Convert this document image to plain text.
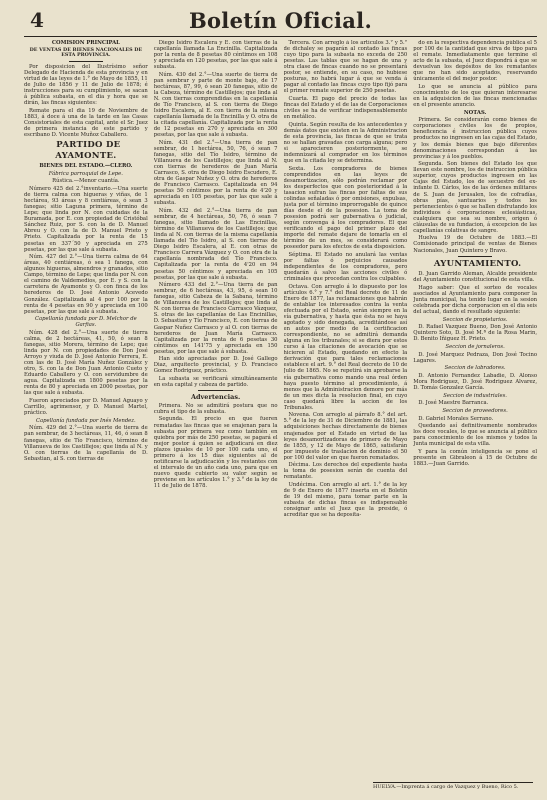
4	Boletín Oficial.

COMISION PRINCIPAL

DE VENTAS DE BIENES NACIONALES DE ESTA PROVINCIA.

Por disposicion del Ilustrísimo señor Delegado de Hacienda de esta provincia y en virtud de las leyes de 1.° de Mayo de 1855, 11 de Julio de 1856 y 11 de Julio de 1878; é instrucciones para su cumplimiento, se sacan á pública subasta, en el dia y hora que se dirán, las fincas siguientes:

Remate para el dia 19 de Noviembre de 1883, á doce á una de la tarde en las Casas Consistoriales de esta capital, ante el Sr. Juez de primera instancia de este partido y escribano D. Vicente Muñoz Caballero.

PARTIDO DE AYAMONTE.

BIENES DEL ESTADO.—CLERO.

Fábrica parroquial de Lepe.

Rústica.—Menor cuantía.

Número 425 del 2.°inventario.—Una suerte de tierra calma con higueras y viñas, de 1 hectárea, 93 áreas y 8 centiáreas, ó sean 3 fanegas; sitio Laguna primera, término de Lepe; que linda por N. con cuidadas de la Buramada, por E. con propiedad de Cristóbal Sánchez Ruiz, por S. con la de D. Manuel Abreu y O. con la de D. Manuel Prieto y Prieto. Capitalizada por la renta de 15 pesetas en 337´50 y apreciada en 275 pesetas, por las que sale á subasta.

Núm. 427 del 2.°—Una tierra calma de 64 áreas, 40 centiáreas, ó sea 1 fanega, con algunos higueras, almendros y granados, sitio Campo, término de Lepe; que linda por N. con el camino de Valdemedios, por E. y S. con la carretera de Ayamonte y O. con finca de los herederos de D. José Antonio Acevedo González. Capitalizada al 4 por 100 por la renta de 4 pesetas en 90 y apreciada en 100 pesetas, por las que sale á subasta.

Capellanía fundada por D. Melchor de Garfias.

Núm. 428 del 2.°—Una suerte de tierra calma, de 2 hectáreas, 41, 50, ó sean 8 fanegas, sitio Morera, término de Lepe; que linda por N. con propiedades de Don José Arroyo y viuda de D. José Antonio Ferrera, E. con las de D. José María Nuñez González y otro, S. con la de Don Juan Antonio Cueto y Eduardo Caballero y O. con servidumbre de agua. Capitalizada en 1800 pesetas por la renta de 80 y apreciada en 2000 pesetas, por las que sale á subasta.

Fueron apreciados por D. Manuel Aguayo y Carrillo, agrimensor, y D. Manuel Martel, práctico.

Capellanía fundada por Inés Mendez.

Núm. 429 del 2.°—Una suerte de tierra de pan sembrar, de 3 hectáreas, 11, 46, ó sean 8 fanegas, sitio de Tío Francisco, término de Villanueva de los Castillejos; que linda al N. y O. con tierras de la capellanía de D. Sebastian, al S. con tierras de

Diego Isidro Escalera y E. con tierras de la capellanía llamada La Encinilla. Capitalizada por la renta de 8 pesetas 80 céntimos en 108 y apreciada en 120 pesetas, por las que sale á subasta.

Núm. 430 del 2.°—Una suerte de tierra de pan sembrar y parte de monte bajo, de 17 hectáreas, 87, 99, ó sean 20 fanegas, sitio de la Cabeza, término de Castillejos; que linda al N. con tierras comprendidas en la capellanía de Tío Francisco, al S. con tierra de Diego Isidro Escalera, al E. con tierra de la misma capellanía llamada de la Encinilla y O. otra de la citada capellanía. Capitalizada por la renta de 12 pesetas en 270 y apreciada en 300 pesetas, por las que sale á subasta.

Núm. 431 del 2.°—Una tierra de pan sembrar, de 1 hectárea, 50, 76, ó sean 7 fanegas, sitio del Tío Isidro, término de Villanueva de los Castillejos; que linda al N. con tierras de herederos de Juan María Carrasco, S. otra de Diego Isidro Escudero, E. otra de Gaspar Nuñez y O. otra de herederos de Francisco Carrasco. Capitalizada en 94 pesetas 50 céntimos por la renta de 4'20 y apreciada en 105 pesetas, por las que sale á subasta.

Núm. 432 del 2.°—Una tierra de pan sembrar, de 4 hectáreas, 50, 76, ó sean 7 fanegas, sitio llamado de Las Encinillas, término de Villanueva de los Castillejos; que linda al N. con tierras de la misma capellanía llamada del Tío Isidro, al S. con tierras de Diego Isidro Escalera, al E. con otras de Francisco Carrera Vázquez y O. con otra de la capellanía nombrada del Tío Francisco. Capitalizada por la renta de 4'20 en 94 pesetas 50 céntimos y apreciada en 105 pesetas, por las que sale á subasta.

Número 433 del 2.°—Una tierra de pan sembrar, de 6 hectáreas, 43, 95, ó sean 10 fanegas, sitio Cabeza de la Sabana, término de Villanueva de los Castillejos; que linda al N. con tierras de Francisco Carrasco Vázquez, S. otras de las capellanías de Las Encinillas, D. Sebastian y Tío Francisco, E. con tierras de Gaspar Nuñez Carrasco y al O. con tierras de herederos de Juan María Carrasco. Capitalizada por la renta de 6 pesetas 30 céntimos en 141'75 y apreciada en 150 pesetas, por las que sale á subasta.

Han sido apreciadas por D. José Gallego Diaz, arquitecto provincial, y D. Francisco Gomez Rodriguez, práctico.

La subasta se verificará simultáneamente en esta capital y cabeza de partido.

Advertencias.

Primera. No se admitirá postura que no cubra el tipo de la subasta.

Segunda. El precio en que fueren rematadas las fincas que se enajenan para la subasta por primera vez como también en quiebra por más de 250 pesetas, se pagará el mejor postor á quien se adjudicará en diez plazos iguales de 10 por 100 cada uno, el primero á los 15 días siguientes al de notificarse la adjudicación y los restantes con el intervalo de un año cada uno, para que en nuevo quede cubierto su valor según se previene en los artículos 1.° y 3.° de la ley de 11 de Julio de 1878.

Tercera. Con arreglo á los artículos 3.° y 5.° de dichaley se pagarán al contado las fincas cuyo tipo para la subasta no exceda de 250 pesetas. Las tablas que se hagan de una y otra clase de fincas cuando no se presentará postor, se entiende, en su caso, no hubiese posturas, no habrá lugar á que se venda á pagar al contado las fincas cuyo tipo fijó para el primer remate superior de 250 pesetas.

Cuarta. El pago del precio de todas las fincas del Estado y el de las de Corporaciones civiles se ha de verificar indispensablemente en metálico.

Quinta. Según resulta de los antecedentes y demás datos que existen en la Administracion de esta provincia, las fincas de que se trata no se hallan gravadas con carga alguna; pero si aparecieren posteriormente, se indemnizará al comprador en los términos que en la citada ley se determina.

Sexta. Los compradores de bienes comprendidos en las leyes de desamortizacion, sólo podrán reclamar por los desperfectos que con posterioridad á la tasacion sufran las fincas por faltas de sus colindas señaladas ó por omisiones, expulsas, justa por el término improrrogable de quince días desde el de la posesion. La toma de posesion podrá ser gubernativa ó judicial, según convenga á los compradores. El que verificando el pago del primer plazo del importe del remate dejare de tomarla en el término de un mes, se considerará como poseedor para los efectos de esta disposicion.

Séptima. El Estado no anulará las ventas por faltas ó perjuicios causados independientes de los compradores, pero quedarán á salvo las acciones civiles ó criminales que procedan contra los culpables.

Octava. Con arreglo á lo dispuesto por los artículos 6.° y 7.° del Real decreto de 11 de Enero de 1877, las reclamaciones que habrán de entablar los interesados contra la venta efectuada por el Estado, serán siempre en la vía gubernativa, y hasta que ésta no se haya agotado y sido denegada, acreditándose así en autos por medio de la certificacion correspondiente, no se admitirá demanda alguna en los tribunales; si se diera por estos curso á las citaciones de avocación que se hicieren al Estado, quedando en efecto la derivación que para tales reclamaciones establece el art. 9.° del Real decreto de 10 de Julio de 1865. No se repetirá sin aprobarse la vía gubernativa como mando una real órden haya puesto término al procedimiento, á menos que la Administracion demore por más de un mes dicta la resolucion final, en cuyo caso quedará libre la accion de los Tribunales.

Novena. Con arreglo al párrafo 8.° del art. 5.° de la ley de 31 de Diciembre de 1881, las adquisiciones hechas directamente de bienes enajenados por el Estado en virtud de las leyes desamortizadoras de primero de Mayo de 1855, y 12 de Mayo de 1865, satisfarán por impuesto de traslacion de dominio el 50 por 100 del valor en que fueron rematados.

Décima. Los derechos del expediente hasta la toma de posesion serán de cuenta del rematante.

Undécima. Con arreglo al art. 1.° de la ley de 9 de Enero de 1877 inserta en el Boletín de 19 del mismo, para tomar parte en la subasta de dichas fincas es indispensable consignar ante el Juez que la preside, ó acreditar que se ha deposita-

do en la respectiva dependencia pública el 5 por 100 de la cantidad que sirva de tipo para el remate. Inmediatamente que termine el acto de la subasta, el Juez dispondrá á que se devuelvan los depósitos de los rematantes que no han sido aceptados, reservando únicamente el del mejor postor.

Lo que se anuncia al público para conocimiento de los que quieran interesarse en la adquisicion de las fincas mencionadas en el presente anuncio.

NOTAS.

Primera. Se considerarán como bienes de corporaciones civiles los de propios, beneficencia é instruccion pública cuyos productos no ingresen en las cajas del Estado, y los demás bienes que bajo diferentes denominaciones correspondan á las provincias y á los pueblos.

Segunda. Son bienes del Estado los que llevan este nombre, los de instruccion pública superior, cuyos productos ingresen en las Cajas del Estado, los de secuestro del ex-infante D. Cárlos, los de las órdenes militares de S. Juan de Jerusalen, los de cofradías, obras pías, santuarios y todos los pertenecientes ó que se hallen disfrutando los individuos ó corporaciones eclesiásticas, cualquiera que sea su nombre, origen ó cláusulas de su fundacion, á excepcion de las capellanías colativas de sangre.

Huelva 19 de Octubre de 1883.—El Comisionado principal de ventas de Bienes Nacionales, Juan Quintero y Bravo.

AYUNTAMIENTO.

D. Juan Garrido Aleman, Alcalde presidente del Ayuntamiento constitucional de esta villa.

Hago saber: Que el sorteo de vocales asociados al Ayuntamiento para componer la Junta municipal, ha tenido lugar en la sesion celebrada por dicha corporacion en el dia seis del actual, dando el resultado siguiente:

Seccion de propietarios.

D. Rafael Vazquez Bueno, Don José Antonio Quintero Soto, D. José M.ª de la Rosa Marin, D. Benito Iñiguez H. Prieto.

Seccion de jornaleros.

D. José Marquez Pedraza, Don José Tocino Lagares.

Seccion de labradores.

D. Antonio Fernandez Labadie, D. Alonso Mora Rodriguez, D. José Rodriguez Alvarez, D. Tomás Gonzalez García.

Seccion de industriales.

D. José Maestre Barranca.

Seccion de proveedores.

D. Gabriel Morales Serrano.

Quedando así definitivamente nombrados los doce vocales, lo que se anuncia al público para conocimiento de los mismos y todos la Junta municipal de esta villa.

Y para la común inteligencia se pone el presente en Gibraleon á 15 de Octubre de 1883.—Juan Garrido.

HUELVA.—Imprenta á cargo de Vazquez y Bueno, Rico 5.
